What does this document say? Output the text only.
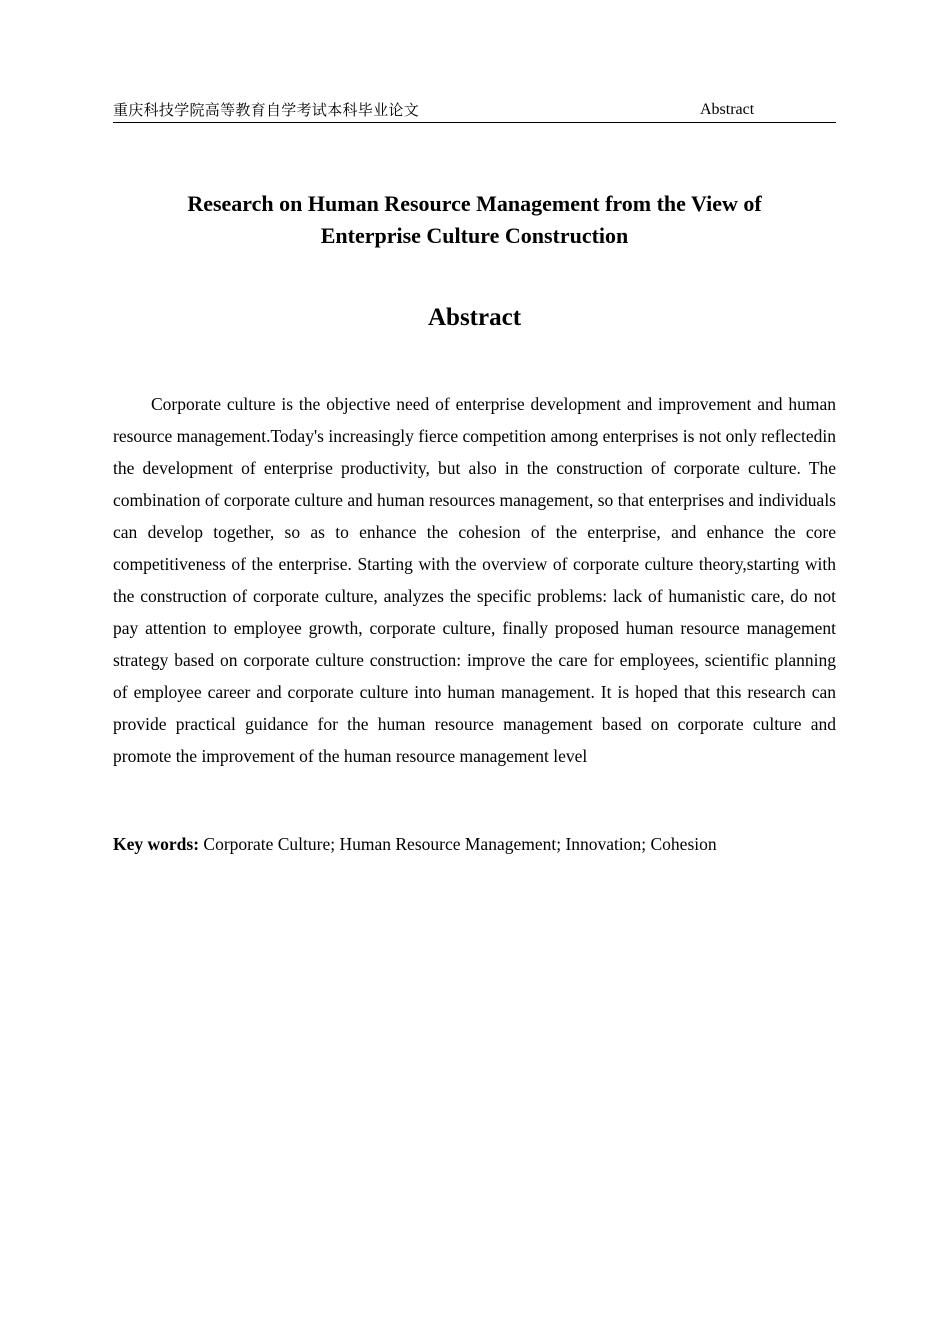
重庆科技学院高等教育自学考试本科毕业论文	Abstract
Research on Human Resource Management from the View of
Enterprise Culture Construction
Abstract

Corporate culture is the objective need of enterprise development and improvement and human resource management.Today's increasingly fierce competition among enterprises is not only reflectedin the development of enterprise productivity, but also in the construction of corporate culture. The combination of corporate culture and human resources management, so that enterprises and individuals can develop together, so as to enhance the cohesion of the enterprise, and enhance the core competitiveness of the enterprise. Starting with the overview of corporate culture theory,starting with the construction of corporate culture, analyzes the specific problems: lack of humanistic care, do not pay attention to employee growth, corporate culture, finally proposed human resource management strategy based on corporate culture construction: improve the care for employees, scientific planning of employee career and corporate culture into human management. It is hoped that this research can provide practical guidance for the human resource management based on corporate culture and promote the improvement of the human resource management level

Key words: Corporate Culture; Human Resource Management; Innovation; Cohesion
